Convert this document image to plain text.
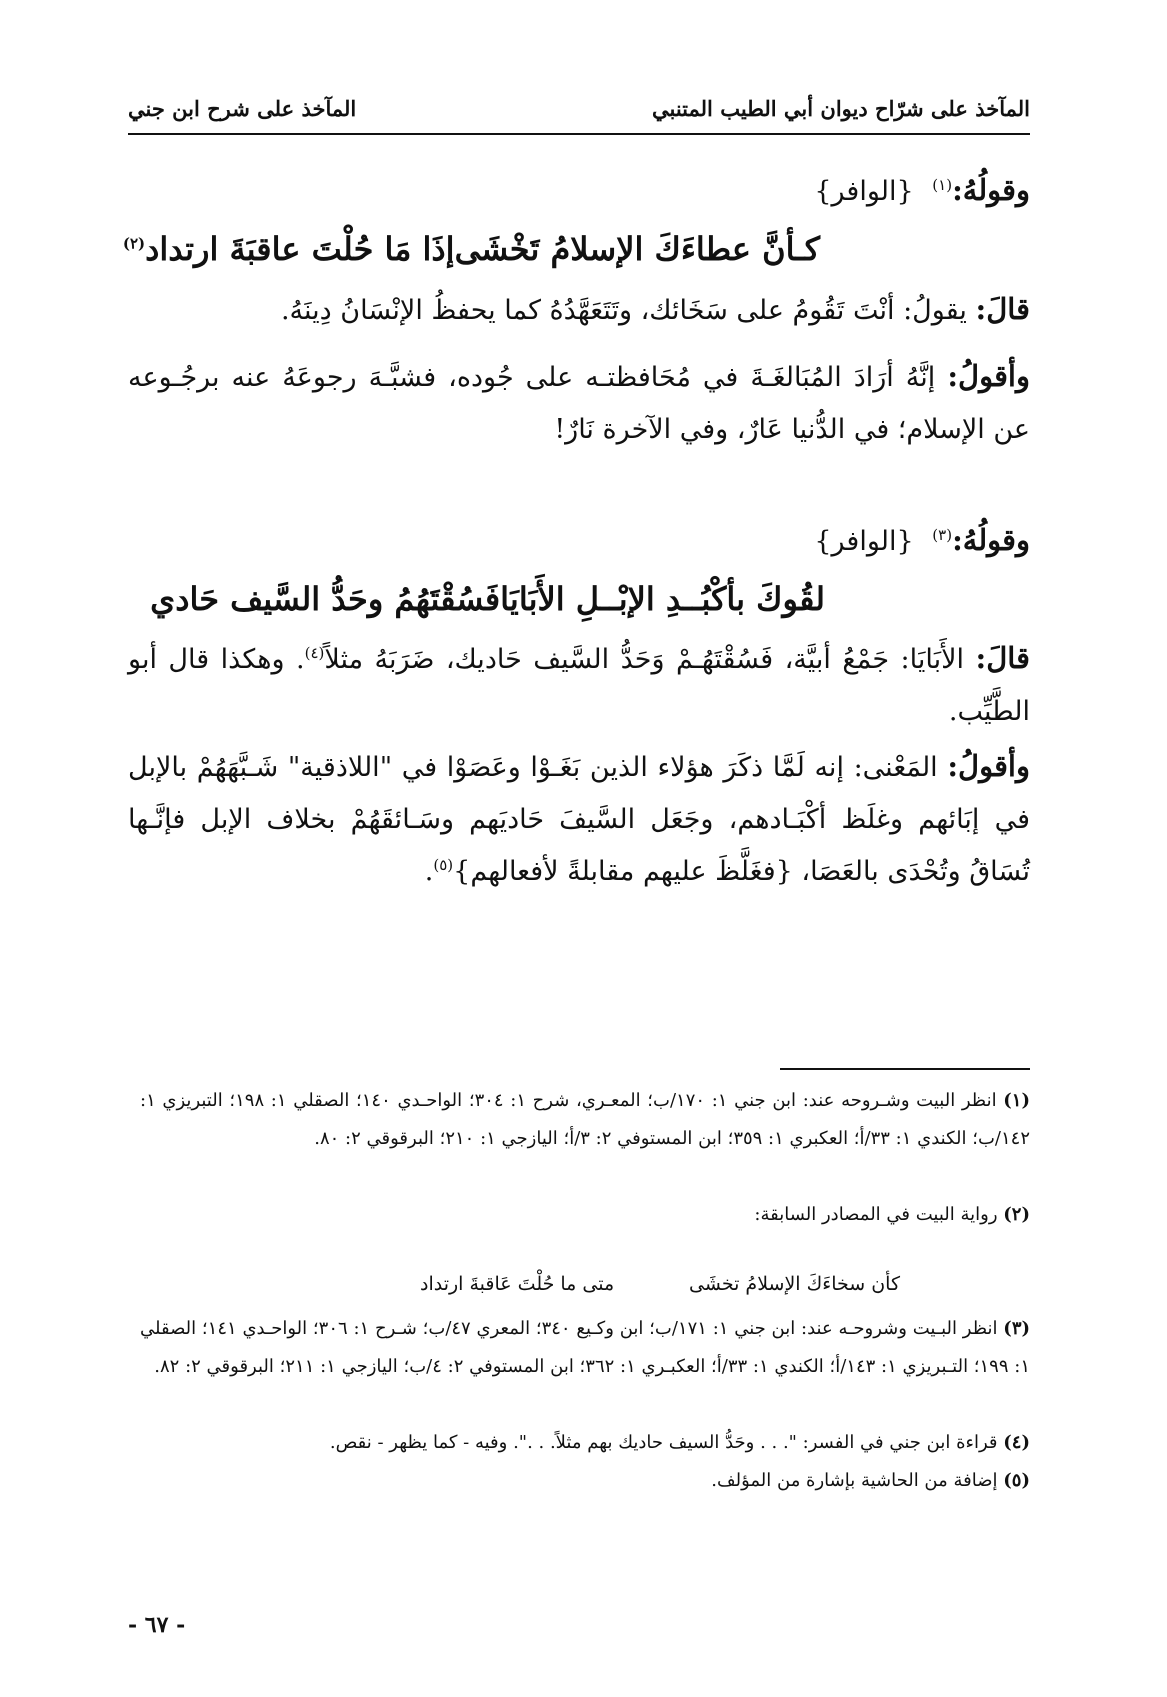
المآخذ على شرّاح ديوان أبي الطيب المتنبي
المآخذ على شرح ابن جني
وقولُهُ:$^{(١)}$ {الوافر}
كـأنَّ عطاءَكَ الإسلامُ تَخْشَى
إذَا مَا حُلْتَ عاقبَةَ ارتداد$^{(٢)}$
قالَ: يقولُ: أنْتَ تَقُومُ على سَخَائك، وتَتَعَهَّدُهُ كما يحفظُ الإنْسَانُ دِينَهُ.
وأقولُ: إنَّهُ أرَادَ المُبَالغَـةَ في مُحَافظتـه على جُوده، فشبَّـهَ رجوعَهُ عنه برجُـوعه عن الإسلام؛ في الدُّنيا عَارٌ، وفي الآخرة نَارٌ!
وقولُهُ:$^{(٣)}$ {الوافر}
لقُوكَ بأكْبُــدِ الإبْــلِ الأَبَايَا
فَسُقْتَهُمُ وحَدُّ السَّيف حَادي
قالَ: الأَبَايَا: جَمْعُ أبيَّة، فَسُقْتَهُـمْ وَحَدُّ السَّيف حَاديك، ضَرَبَهُ مثلاً$^{(٤)}$. وهكذا قال أبو الطَّيِّب.
وأقولُ: المَعْنى: إنه لَمَّا ذكَرَ هؤلاء الذين بَغَـوْا وعَصَوْا في "اللاذقية" شَـبَّهَهُمْ بالإبل في إبَائهم وغلَظ أكْبَـادهم، وجَعَل السَّيفَ حَاديَهم وسَـائقَهُمْ بخلاف الإبل فإنَّـها تُسَاقُ وتُحْدَى بالعَصَا، {فغَلَّظَ عليهم مقابلةً لأفعالهم}$^{(٥)}$.
(١) انظر البيت وشـروحه عند: ابن جني ١: ١٧٠/ب؛ المعـري، شرح ١: ٣٠٤؛ الواحـدي ١٤٠؛ الصقلي ١: ١٩٨؛ التبريزي ١: ١٤٢/ب؛ الكندي ١: ٣٣/أ؛ العكبري ١: ٣٥٩؛ ابن المستوفي ٢: ٣/أ؛ اليازجي ١: ٢١٠؛ البرقوقي ٢: ٨٠.
(٢) رواية البيت في المصادر السابقة:
كأن سخاءَكَ الإسلامُ تخشَى
متى ما حُلْتَ عَاقبةَ ارتداد
(٣) انظر البـيت وشروحـه عند: ابن جني ١: ١٧١/ب؛ ابن وكـيع ٣٤٠؛ المعري ٤٧/ب؛ شـرح ١: ٣٠٦؛ الواحـدي ١٤١؛ الصقلي ١: ١٩٩؛ التـبريزي ١: ١٤٣/أ؛ الكندي ١: ٣٣/أ؛ العكبـري ١: ٣٦٢؛ ابن المستوفي ٢: ٤/ب؛ اليازجي ١: ٢١١؛ البرقوقي ٢: ٨٢.
(٤) قراءة ابن جني في الفسر: ". . . وحَدُّ السيف حاديك بهم مثلاً. . .". وفيه - كما يظهر - نقص.
(٥) إضافة من الحاشية بإشارة من المؤلف.
- ٦٧ -
